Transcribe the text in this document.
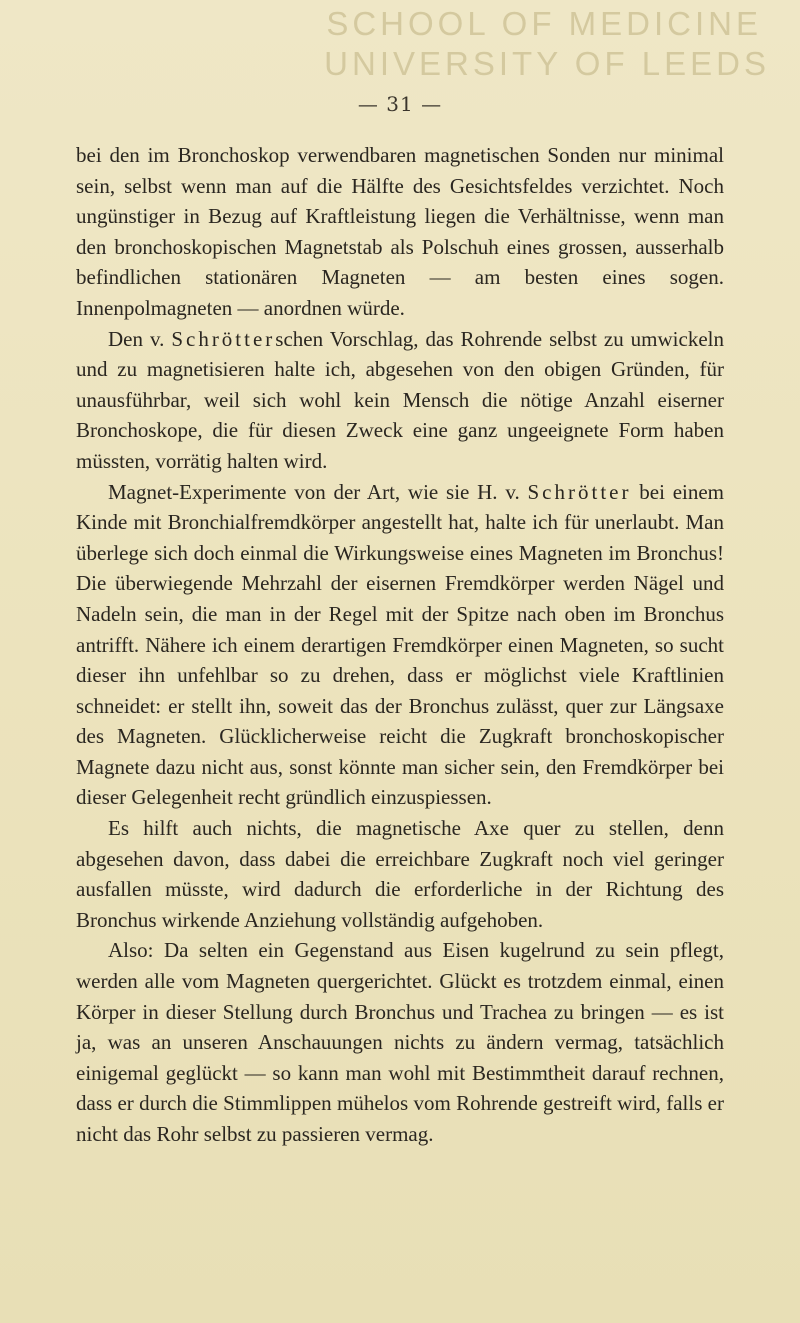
SCHOOL OF MEDICINE
UNIVERSITY OF LEEDS
— 31 —

bei den im Bronchoskop verwendbaren magnetischen Sonden nur minimal sein, selbst wenn man auf die Hälfte des Gesichtsfeldes verzichtet. Noch ungünstiger in Bezug auf Kraftleistung liegen die Verhältnisse, wenn man den bronchoskopischen Magnetstab als Polschuh eines grossen, ausserhalb befindlichen stationären Magneten — am besten eines sogen. Innenpolmagneten — anordnen würde.

Den v. Schrötterschen Vorschlag, das Rohrende selbst zu umwickeln und zu magnetisieren halte ich, abgesehen von den obigen Gründen, für unausführbar, weil sich wohl kein Mensch die nötige Anzahl eiserner Bronchoskope, die für diesen Zweck eine ganz ungeeignete Form haben müssten, vorrätig halten wird.

Magnet-Experimente von der Art, wie sie H. v. Schrötter bei einem Kinde mit Bronchialfremdkörper angestellt hat, halte ich für unerlaubt. Man überlege sich doch einmal die Wirkungsweise eines Magneten im Bronchus! Die überwiegende Mehrzahl der eisernen Fremdkörper werden Nägel und Nadeln sein, die man in der Regel mit der Spitze nach oben im Bronchus antrifft. Nähere ich einem derartigen Fremdkörper einen Magneten, so sucht dieser ihn unfehlbar so zu drehen, dass er möglichst viele Kraftlinien schneidet: er stellt ihn, soweit das der Bronchus zulässt, quer zur Längsaxe des Magneten. Glücklicherweise reicht die Zugkraft bronchoskopischer Magnete dazu nicht aus, sonst könnte man sicher sein, den Fremdkörper bei dieser Gelegenheit recht gründlich einzuspiessen.

Es hilft auch nichts, die magnetische Axe quer zu stellen, denn abgesehen davon, dass dabei die erreichbare Zugkraft noch viel geringer ausfallen müsste, wird dadurch die erforderliche in der Richtung des Bronchus wirkende Anziehung vollständig aufgehoben.

Also: Da selten ein Gegenstand aus Eisen kugelrund zu sein pflegt, werden alle vom Magneten quergerichtet. Glückt es trotzdem einmal, einen Körper in dieser Stellung durch Bronchus und Trachea zu bringen — es ist ja, was an unseren Anschauungen nichts zu ändern vermag, tatsächlich einigemal geglückt — so kann man wohl mit Bestimmtheit darauf rechnen, dass er durch die Stimmlippen mühelos vom Rohrende gestreift wird, falls er nicht das Rohr selbst zu passieren vermag.
